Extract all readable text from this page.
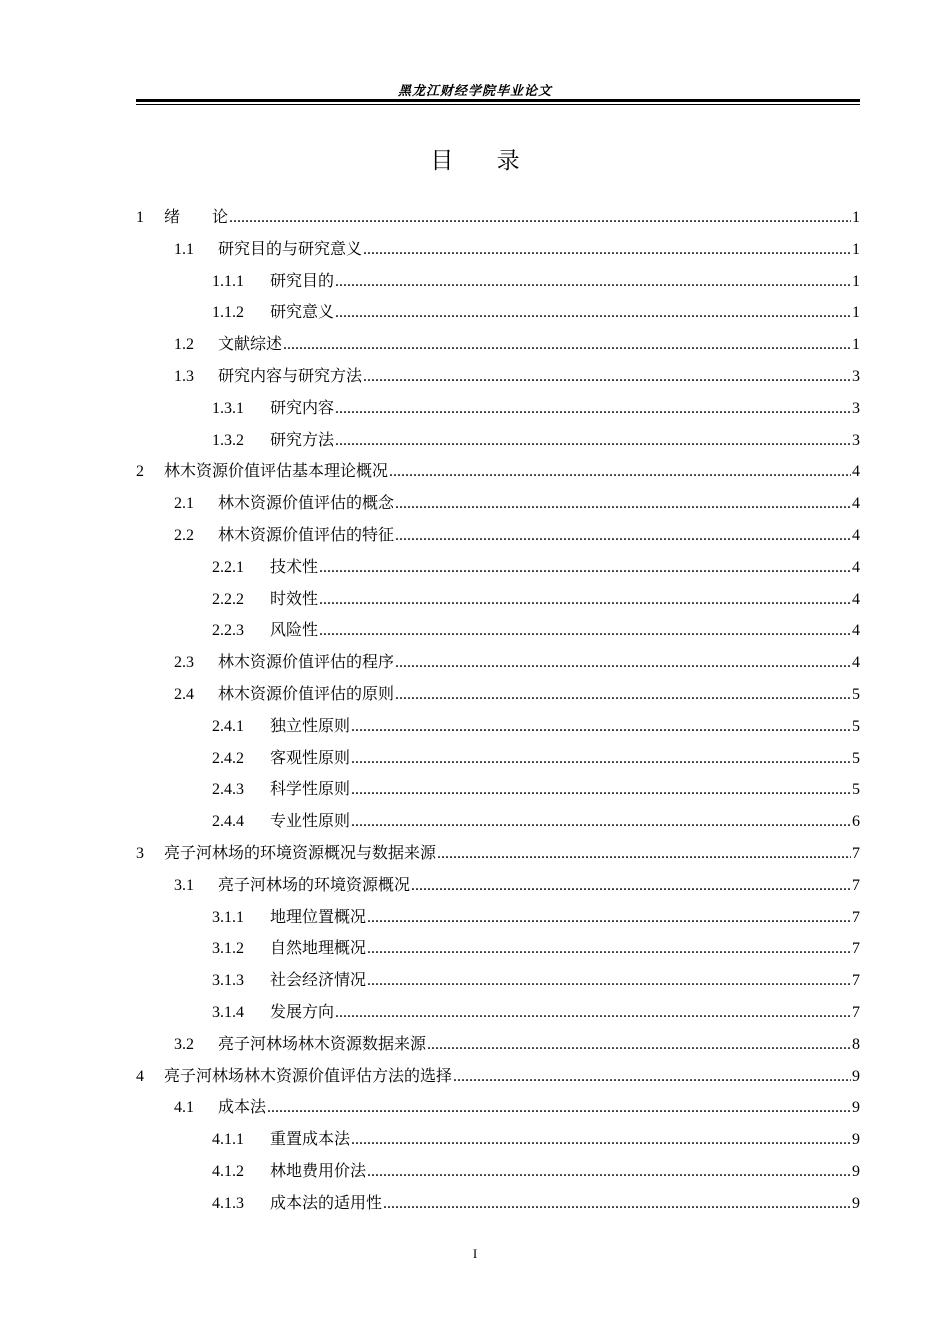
黑龙江财经学院毕业论文
目 录
1	绪　　论 .....	1
1.1	研究目的与研究意义 .....	1
1.1.1	研究目的 .....	1
1.1.2	研究意义 .....	1
1.2	文献综述 .....	1
1.3	研究内容与研究方法 .....	3
1.3.1	研究内容 .....	3
1.3.2	研究方法 .....	3
2	林木资源价值评估基本理论概况 .....	4
2.1	林木资源价值评估的概念 .....	4
2.2	林木资源价值评估的特征 .....	4
2.2.1	技术性 .....	4
2.2.2	时效性 .....	4
2.2.3	风险性 .....	4
2.3	林木资源价值评估的程序 .....	4
2.4	林木资源价值评估的原则 .....	5
2.4.1	独立性原则 .....	5
2.4.2	客观性原则 .....	5
2.4.3	科学性原则 .....	5
2.4.4	专业性原则 .....	6
3	亮子河林场的环境资源概况与数据来源 .....	7
3.1	亮子河林场的环境资源概况 .....	7
3.1.1	地理位置概况 .....	7
3.1.2	自然地理概况 .....	7
3.1.3	社会经济情况 .....	7
3.1.4	发展方向 .....	7
3.2	亮子河林场林木资源数据来源 .....	8
4	亮子河林场林木资源价值评估方法的选择 .....	9
4.1	成本法 .....	9
4.1.1	重置成本法 .....	9
4.1.2	林地费用价法 .....	9
4.1.3	成本法的适用性 .....	9
I
